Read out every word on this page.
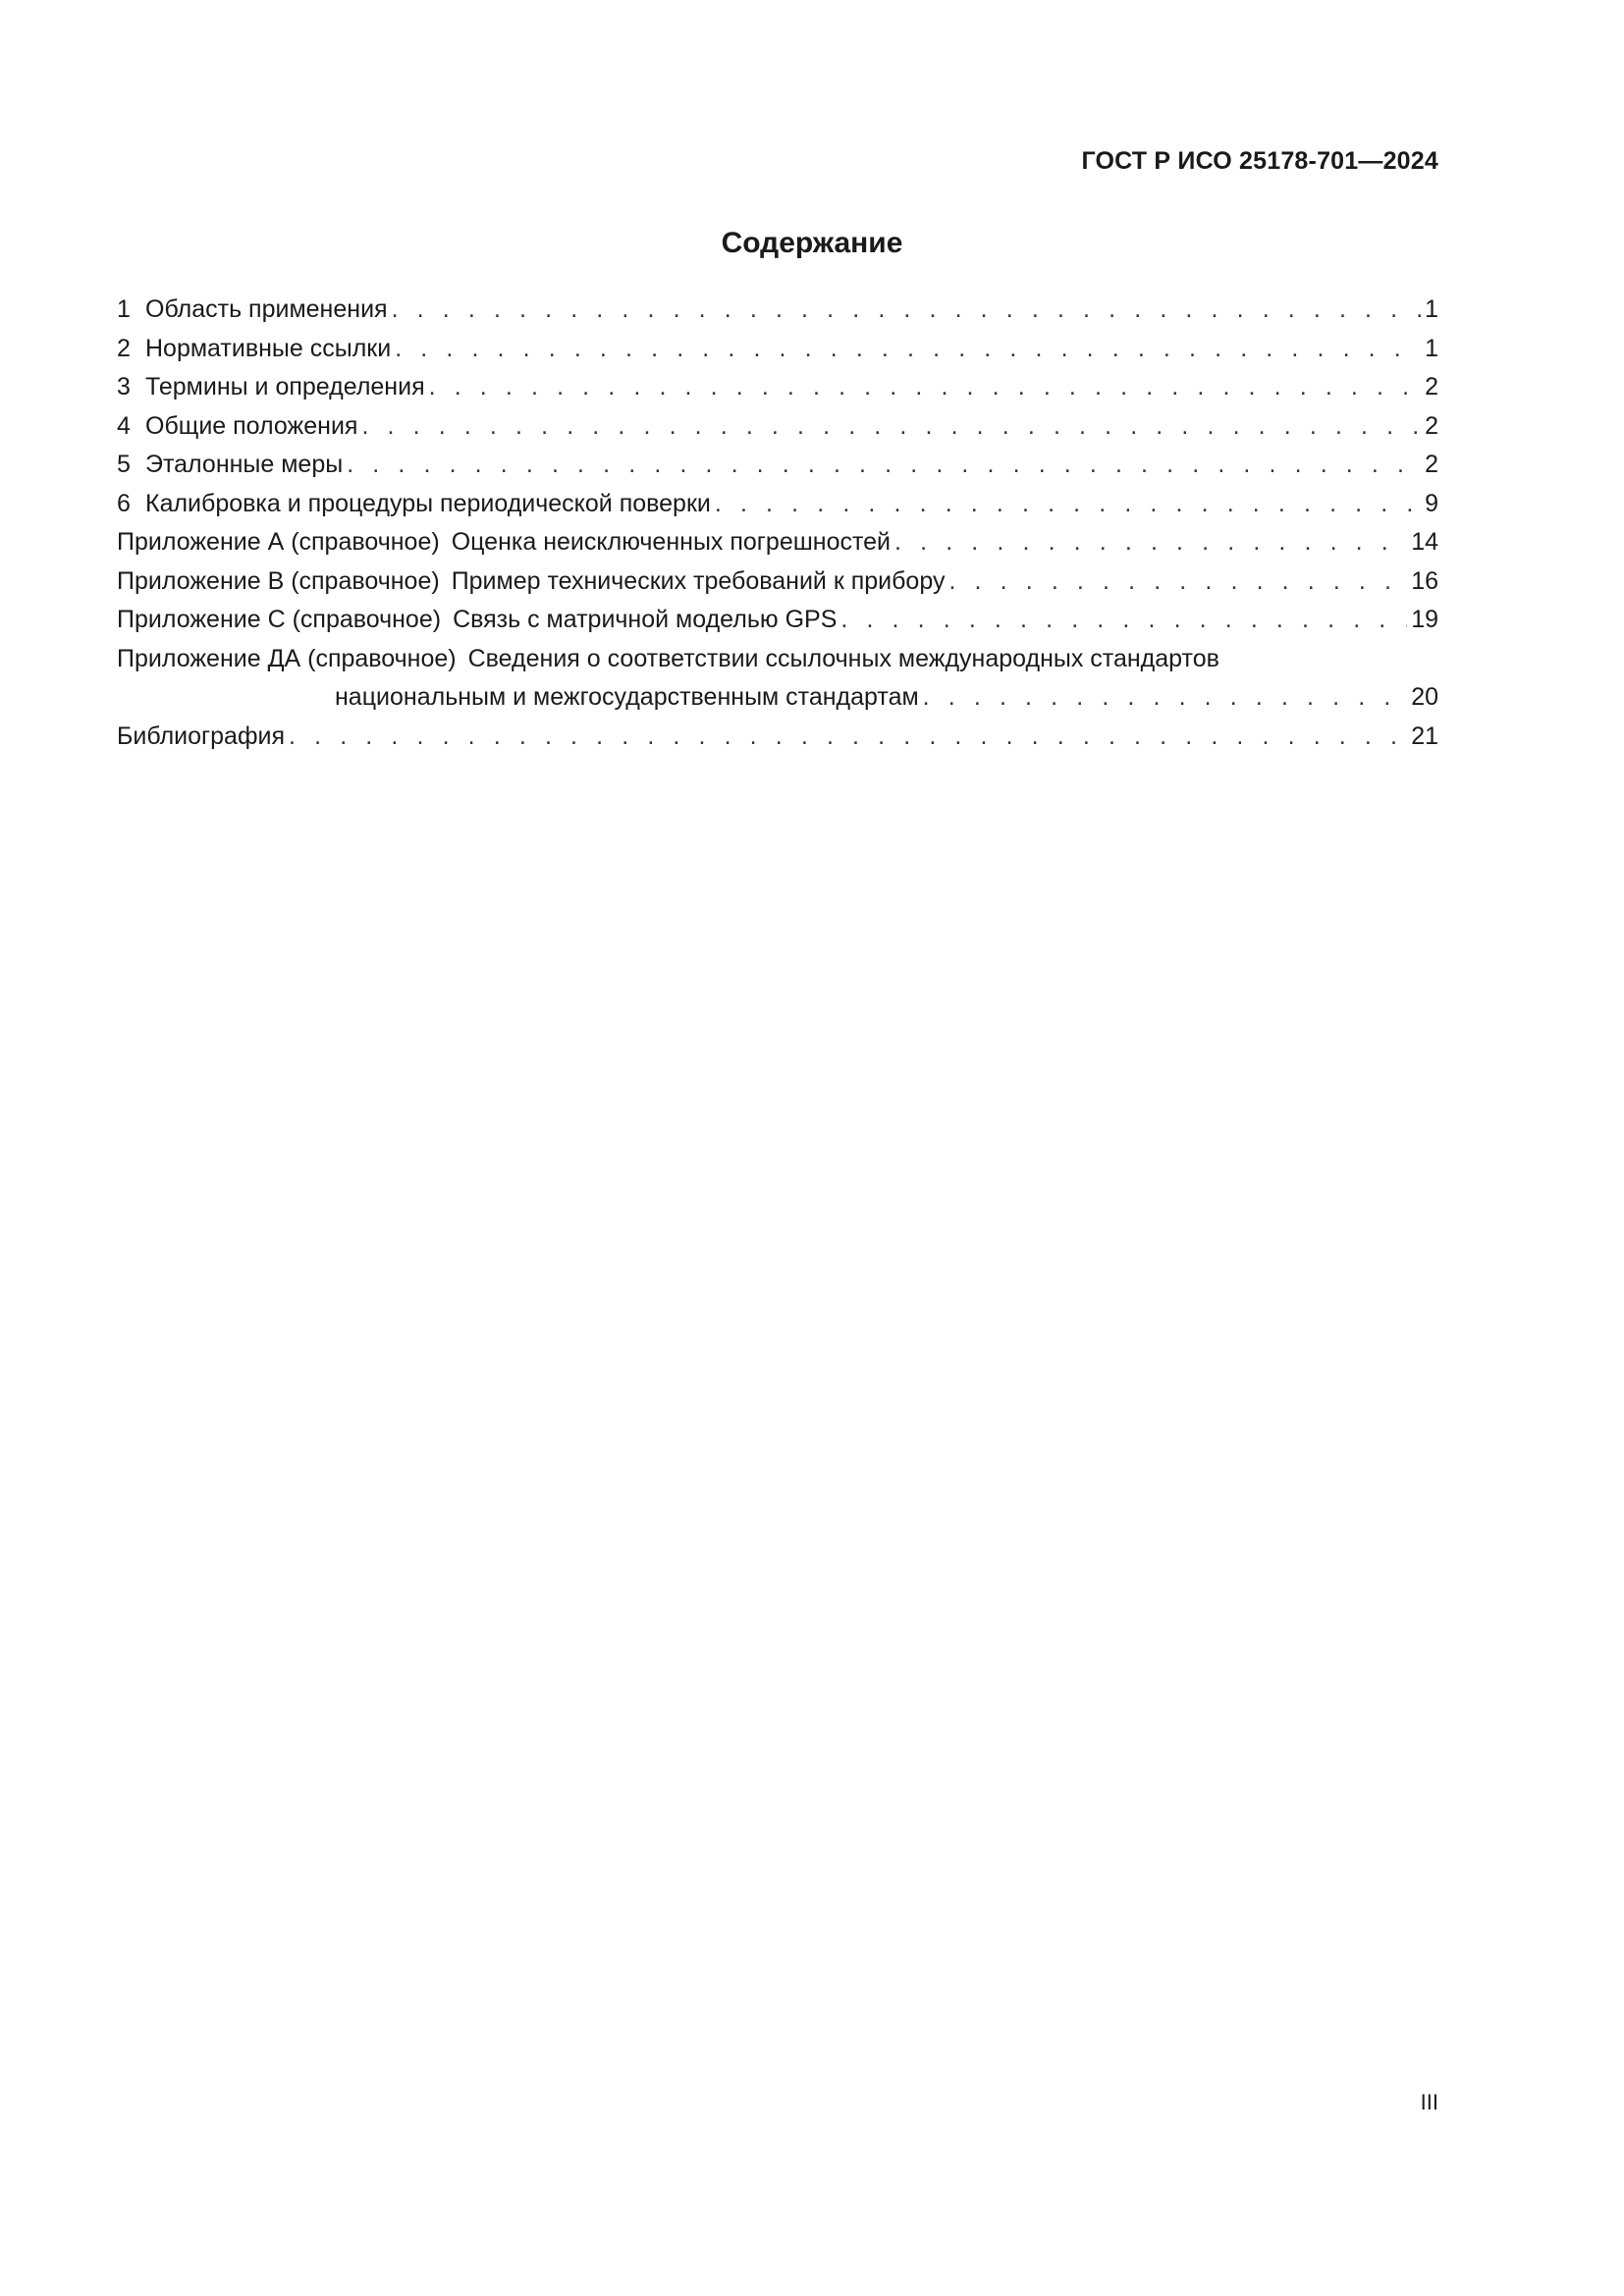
ГОСТ Р ИСО 25178-701—2024
Содержание
1 Область применения . . .	1
2 Нормативные ссылки . . .	1
3 Термины и определения . . .	2
4 Общие положения . . .	2
5 Эталонные меры . . .	2
6 Калибровка и процедуры периодической поверки . . .	9
Приложение А (справочное) Оценка неисключенных погрешностей . . .	14
Приложение В (справочное) Пример технических требований к прибору . . .	16
Приложение С (справочное) Связь с матричной моделью GPS . . .	19
Приложение ДА (справочное) Сведения о соответствии ссылочных международных стандартов
национальным и межгосударственным стандартам . . .	20
Библиография . . .	21
III
